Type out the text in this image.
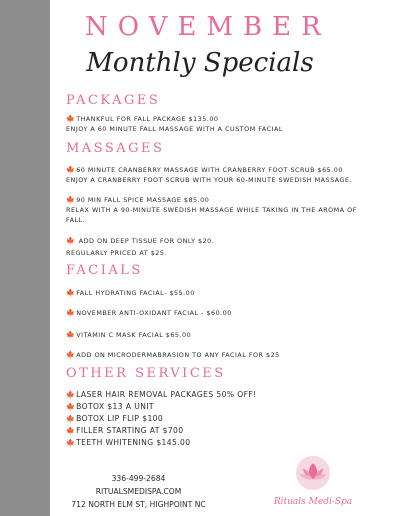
NOVEMBER
Monthly Specials
PACKAGES
🍁THANKFUL FOR FALL PACKAGE $135.00
ENJOY A 60 MINUTE FALL MASSAGE WITH A CUSTOM FACIAL
MASSAGES
🍁60 MINUTE CRANBERRY MASSAGE WITH CRANBERRY FOOT SCRUB $65.00
ENJOY A CRANBERRY FOOT SCRUB WITH YOUR 60-MINUTE SWEDISH MASSAGE.
🍁90 MIN FALL SPICE MASSAGE $85.00
RELAX WITH A 90-MINUTE SWEDISH MASSAGE WHILE TAKING IN THE AROMA OF
FALL.
🍁 ADD ON DEEP TISSUE FOR ONLY $20.
REGULARLY PRICED AT $25.
FACIALS
🍁FALL HYDRATING FACIAL- $55.00
🍁NOVEMBER ANTI-OXIDANT FACIAL - $60.00
🍁VITAMIN C MASK FACIAL $65.00
🍁ADD ON MICRODERMABRASION TO ANY FACIAL FOR $25
OTHER SERVICES
🍁LASER HAIR REMOVAL PACKAGES 50% OFF!
🍁BOTOX $13 A UNIT
🍁BOTOX LIP FLIP $100
🍁FILLER STARTING AT $700
🍁TEETH WHITENING $145.00
336-499-2684
RITUALSMEDISPA.COM
712 NORTH ELM ST, HIGHPOINT NC	Rituals Medi-Spa
